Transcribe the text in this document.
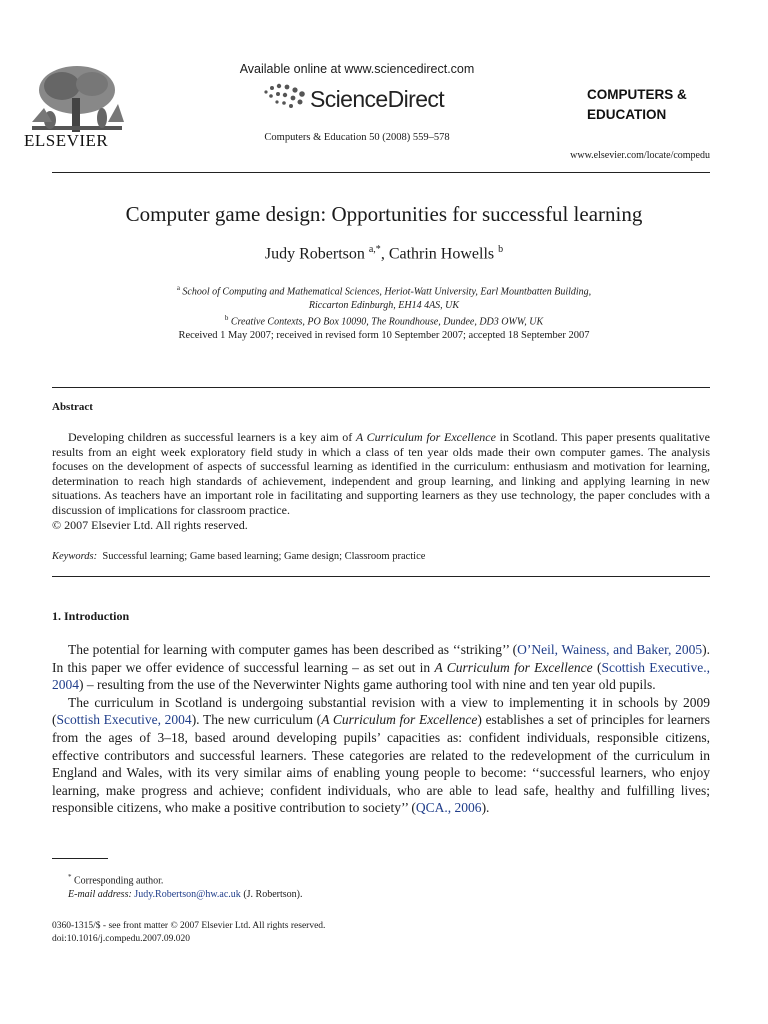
ELSEVIER
Available online at www.sciencedirect.com
ScienceDirect
Computers & Education 50 (2008) 559–578
COMPUTERS &
EDUCATION
www.elsevier.com/locate/compedu
Computer game design: Opportunities for successful learning
Judy Robertson $^{a,*}$, Cathrin Howells $^b$
$^a$ School of Computing and Mathematical Sciences, Heriot-Watt University, Earl Mountbatten Building,
Riccarton Edinburgh, EH14 4AS, UK
$^b$ Creative Contexts, PO Box 10090, The Roundhouse, Dundee, DD3 OWW, UK
Received 1 May 2007; received in revised form 10 September 2007; accepted 18 September 2007
Abstract

Developing children as successful learners is a key aim of A Curriculum for Excellence in Scotland. This paper presents qualitative results from an eight week exploratory field study in which a class of ten year olds made their own computer games. The analysis focuses on the development of aspects of successful learning as identified in the curriculum: enthusiasm and motivation for learning, determination to reach high standards of achievement, independent and group learning, and linking and applying learning in new situations. As teachers have an important role in facilitating and supporting learners as they use technology, the paper concludes with a discussion of implications for classroom practice.

© 2007 Elsevier Ltd. All rights reserved.
Keywords: Successful learning; Game based learning; Game design; Classroom practice
1. Introduction

The potential for learning with computer games has been described as ‘‘striking’’ (O’Neil, Wainess, and Baker, 2005). In this paper we offer evidence of successful learning – as set out in A Curriculum for Excellence (Scottish Executive., 2004) – resulting from the use of the Neverwinter Nights game authoring tool with nine and ten year old pupils.

The curriculum in Scotland is undergoing substantial revision with a view to implementing it in schools by 2009 (Scottish Executive, 2004). The new curriculum (A Curriculum for Excellence) establishes a set of principles for learners from the ages of 3–18, based around developing pupils’ capacities as: confident individuals, responsible citizens, effective contributors and successful learners. These categories are related to the redevelopment of the curriculum in England and Wales, with its very similar aims of enabling young people to become: ‘‘successful learners, who enjoy learning, make progress and achieve; confident individuals, who are able to lead safe, healthy and fulfilling lives; responsible citizens, who make a positive contribution to society’’ (QCA., 2006).

* Corresponding author.
E-mail address: Judy.Robertson@hw.ac.uk (J. Robertson).
0360-1315/$ - see front matter © 2007 Elsevier Ltd. All rights reserved.
doi:10.1016/j.compedu.2007.09.020
